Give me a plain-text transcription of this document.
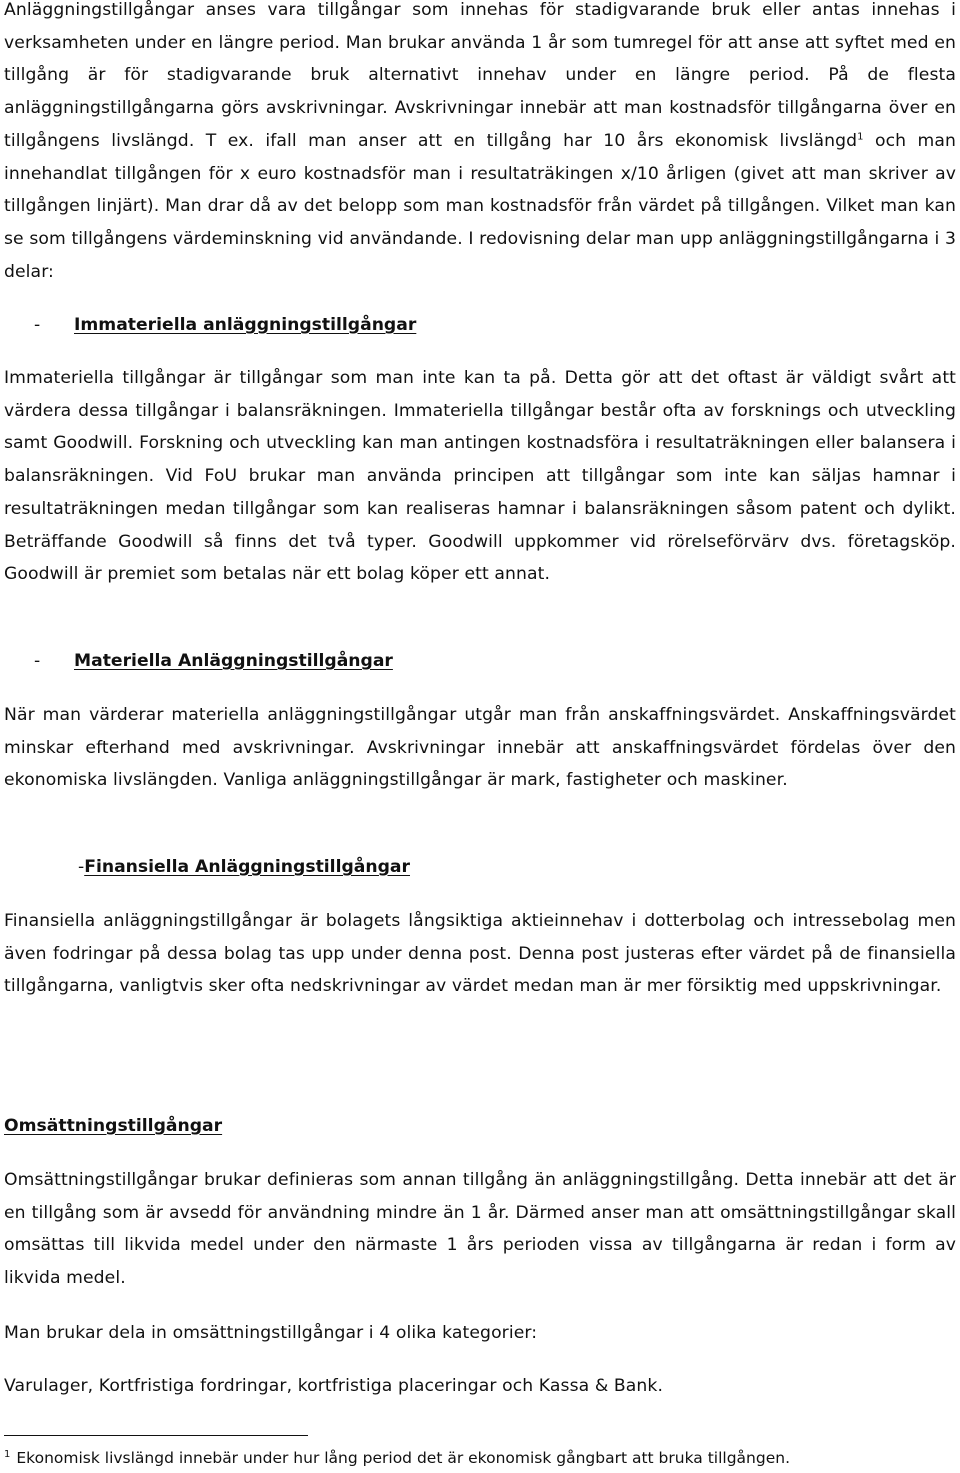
Anläggningstillgångar anses vara tillgångar som innehas för stadigvarande bruk eller antas innehas i verksamheten under en längre period. Man brukar använda 1 år som tumregel för att anse att syftet med en tillgång är för stadigvarande bruk alternativt innehav under en längre period. På de flesta anläggningstillgångarna görs avskrivningar. Avskrivningar innebär att man kostnadsför tillgångarna över en tillgångens livslängd. T ex. ifall man anser att en tillgång har 10 års ekonomisk livslängd$^1$ och man innehandlat tillgången för x euro kostnadsför man i resultaträkingen x/10 årligen (givet att man skriver av tillgången linjärt). Man drar då av det belopp som man kostnadsför från värdet på tillgången. Vilket man kan se som tillgångens värdeminskning vid användande. I redovisning delar man upp anläggningstillgångarna i 3 delar:

- Immateriella anläggningstillgångar

Immateriella tillgångar är tillgångar som man inte kan ta på. Detta gör att det oftast är väldigt svårt att värdera dessa tillgångar i balansräkningen. Immateriella tillgångar består ofta av forsknings och utveckling samt Goodwill. Forskning och utveckling kan man antingen kostnadsföra i resultaträkningen eller balansera i balansräkningen. Vid FoU brukar man använda principen att tillgångar som inte kan säljas hamnar i resultaträkningen medan tillgångar som kan realiseras hamnar i balansräkningen såsom patent och dylikt. Beträffande Goodwill så finns det två typer. Goodwill uppkommer vid rörelseförvärv dvs. företagsköp. Goodwill är premiet som betalas när ett bolag köper ett annat.

- Materiella Anläggningstillgångar

När man värderar materiella anläggningstillgångar utgår man från anskaffningsvärdet. Anskaffningsvärdet minskar efterhand med avskrivningar. Avskrivningar innebär att anskaffningsvärdet fördelas över den ekonomiska livslängden. Vanliga anläggningstillgångar är mark, fastigheter och maskiner.

-Finansiella Anläggningstillgångar

Finansiella anläggningstillgångar är bolagets långsiktiga aktieinnehav i dotterbolag och intressebolag men även fodringar på dessa bolag tas upp under denna post. Denna post justeras efter värdet på de finansiella tillgångarna, vanligtvis sker ofta nedskrivningar av värdet medan man är mer försiktig med uppskrivningar.

Omsättningstillgångar

Omsättningstillgångar brukar definieras som annan tillgång än anläggningstillgång. Detta innebär att det är en tillgång som är avsedd för användning mindre än 1 år. Därmed anser man att omsättningstillgångar skall omsättas till likvida medel under den närmaste 1 års perioden vissa av tillgångarna är redan i form av likvida medel.

Man brukar dela in omsättningstillgångar i 4 olika kategorier:

Varulager, Kortfristiga fordringar, kortfristiga placeringar och Kassa & Bank.

$^1$ Ekonomisk livslängd innebär under hur lång period det är ekonomisk gångbart att bruka tillgången.
